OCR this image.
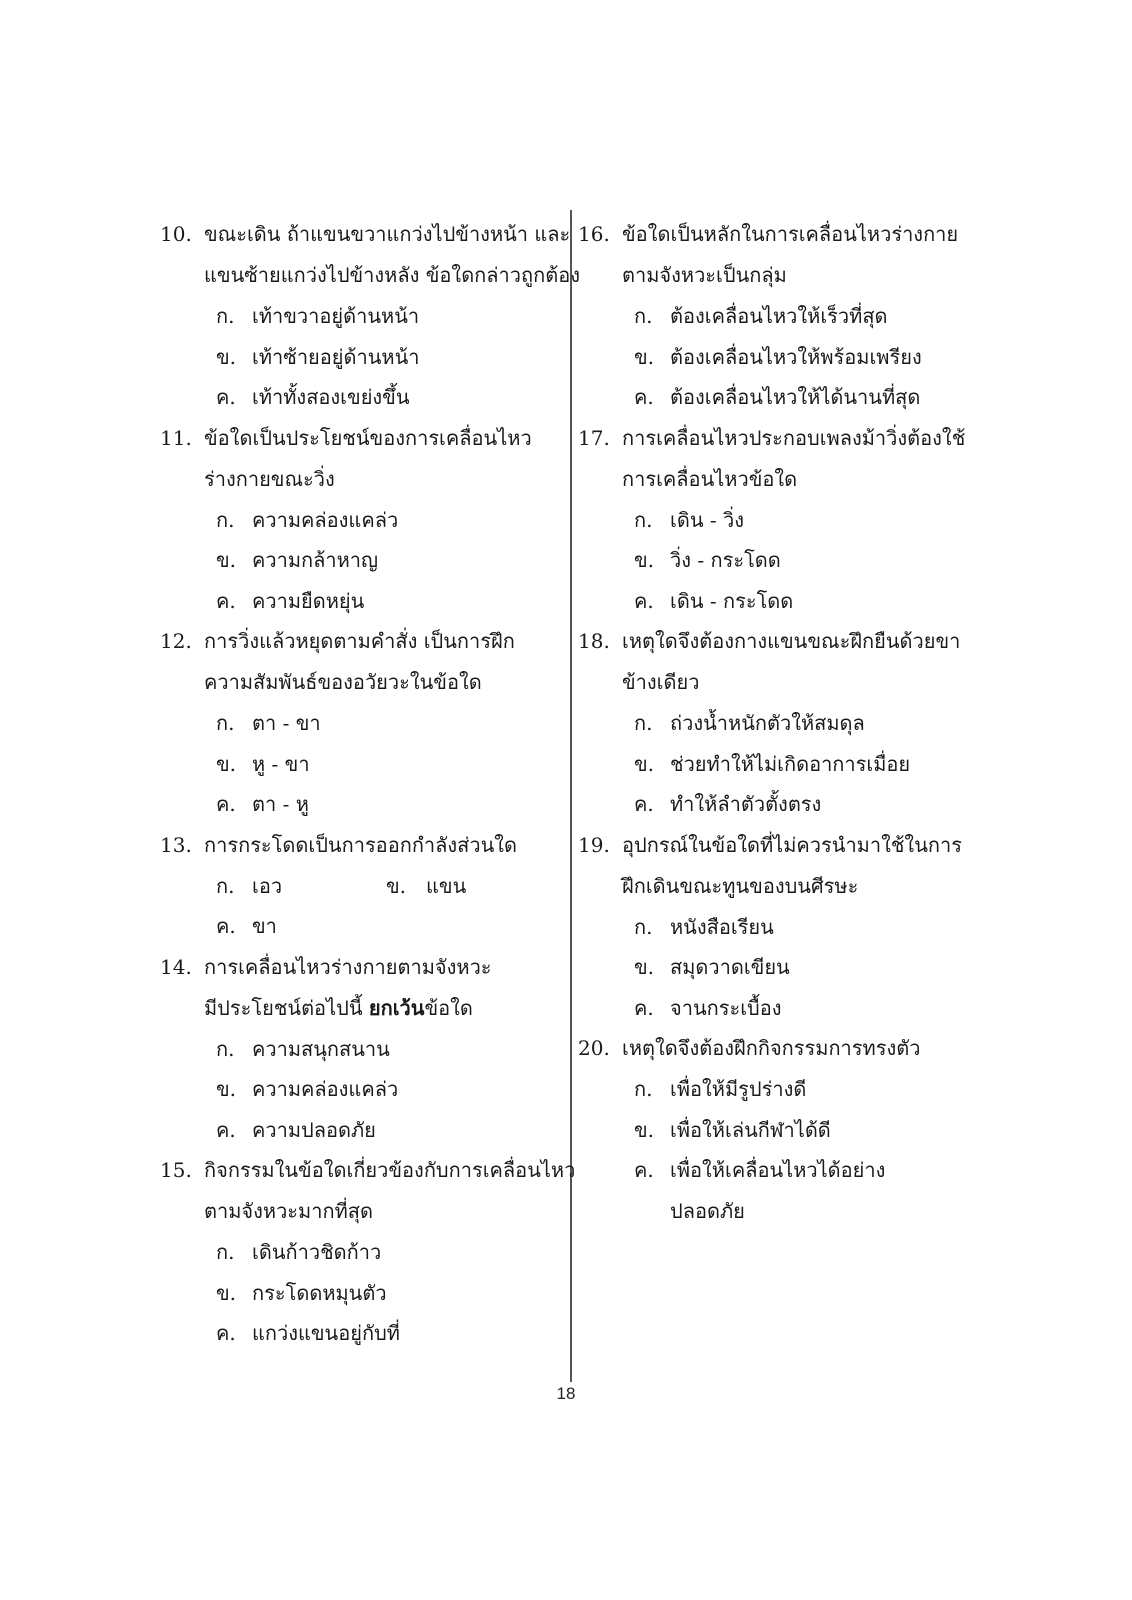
10. ขณะเดิน ถ้าแขนขวาแกว่งไปข้างหน้า และ
แขนซ้ายแกว่งไปข้างหลัง ข้อใดกล่าวถูกต้อง
ก. เท้าขวาอยู่ด้านหน้า
ข. เท้าซ้ายอยู่ด้านหน้า
ค. เท้าทั้งสองเขย่งขึ้น
11. ข้อใดเป็นประโยชน์ของการเคลื่อนไหว
ร่างกายขณะวิ่ง
ก. ความคล่องแคล่ว
ข. ความกล้าหาญ
ค. ความยืดหยุ่น
12. การวิ่งแล้วหยุดตามคำสั่ง เป็นการฝึก
ความสัมพันธ์ของอวัยวะในข้อใด
ก. ตา - ขา
ข. หู - ขา
ค. ตา - หู
13. การกระโดดเป็นการออกกำลังส่วนใด
ก. เอว	ข. แขน
ค. ขา
14. การเคลื่อนไหวร่างกายตามจังหวะ
มีประโยชน์ต่อไปนี้ ยกเว้นข้อใด
ก. ความสนุกสนาน
ข. ความคล่องแคล่ว
ค. ความปลอดภัย
15. กิจกรรมในข้อใดเกี่ยวข้องกับการเคลื่อนไหว
ตามจังหวะมากที่สุด
ก. เดินก้าวชิดก้าว
ข. กระโดดหมุนตัว
ค. แกว่งแขนอยู่กับที่
16. ข้อใดเป็นหลักในการเคลื่อนไหวร่างกาย
ตามจังหวะเป็นกลุ่ม
ก. ต้องเคลื่อนไหวให้เร็วที่สุด
ข. ต้องเคลื่อนไหวให้พร้อมเพรียง
ค. ต้องเคลื่อนไหวให้ได้นานที่สุด
17. การเคลื่อนไหวประกอบเพลงม้าวิ่งต้องใช้
การเคลื่อนไหวข้อใด
ก. เดิน - วิ่ง
ข. วิ่ง - กระโดด
ค. เดิน - กระโดด
18. เหตุใดจึงต้องกางแขนขณะฝึกยืนด้วยขา
ข้างเดียว
ก. ถ่วงน้ำหนักตัวให้สมดุล
ข. ช่วยทำให้ไม่เกิดอาการเมื่อย
ค. ทำให้ลำตัวตั้งตรง
19. อุปกรณ์ในข้อใดที่ไม่ควรนำมาใช้ในการ
ฝึกเดินขณะทูนของบนศีรษะ
ก. หนังสือเรียน
ข. สมุดวาดเขียน
ค. จานกระเบื้อง
20. เหตุใดจึงต้องฝึกกิจกรรมการทรงตัว
ก. เพื่อให้มีรูปร่างดี
ข. เพื่อให้เล่นกีฬาได้ดี
ค. เพื่อให้เคลื่อนไหวได้อย่าง
ปลอดภัย
18
